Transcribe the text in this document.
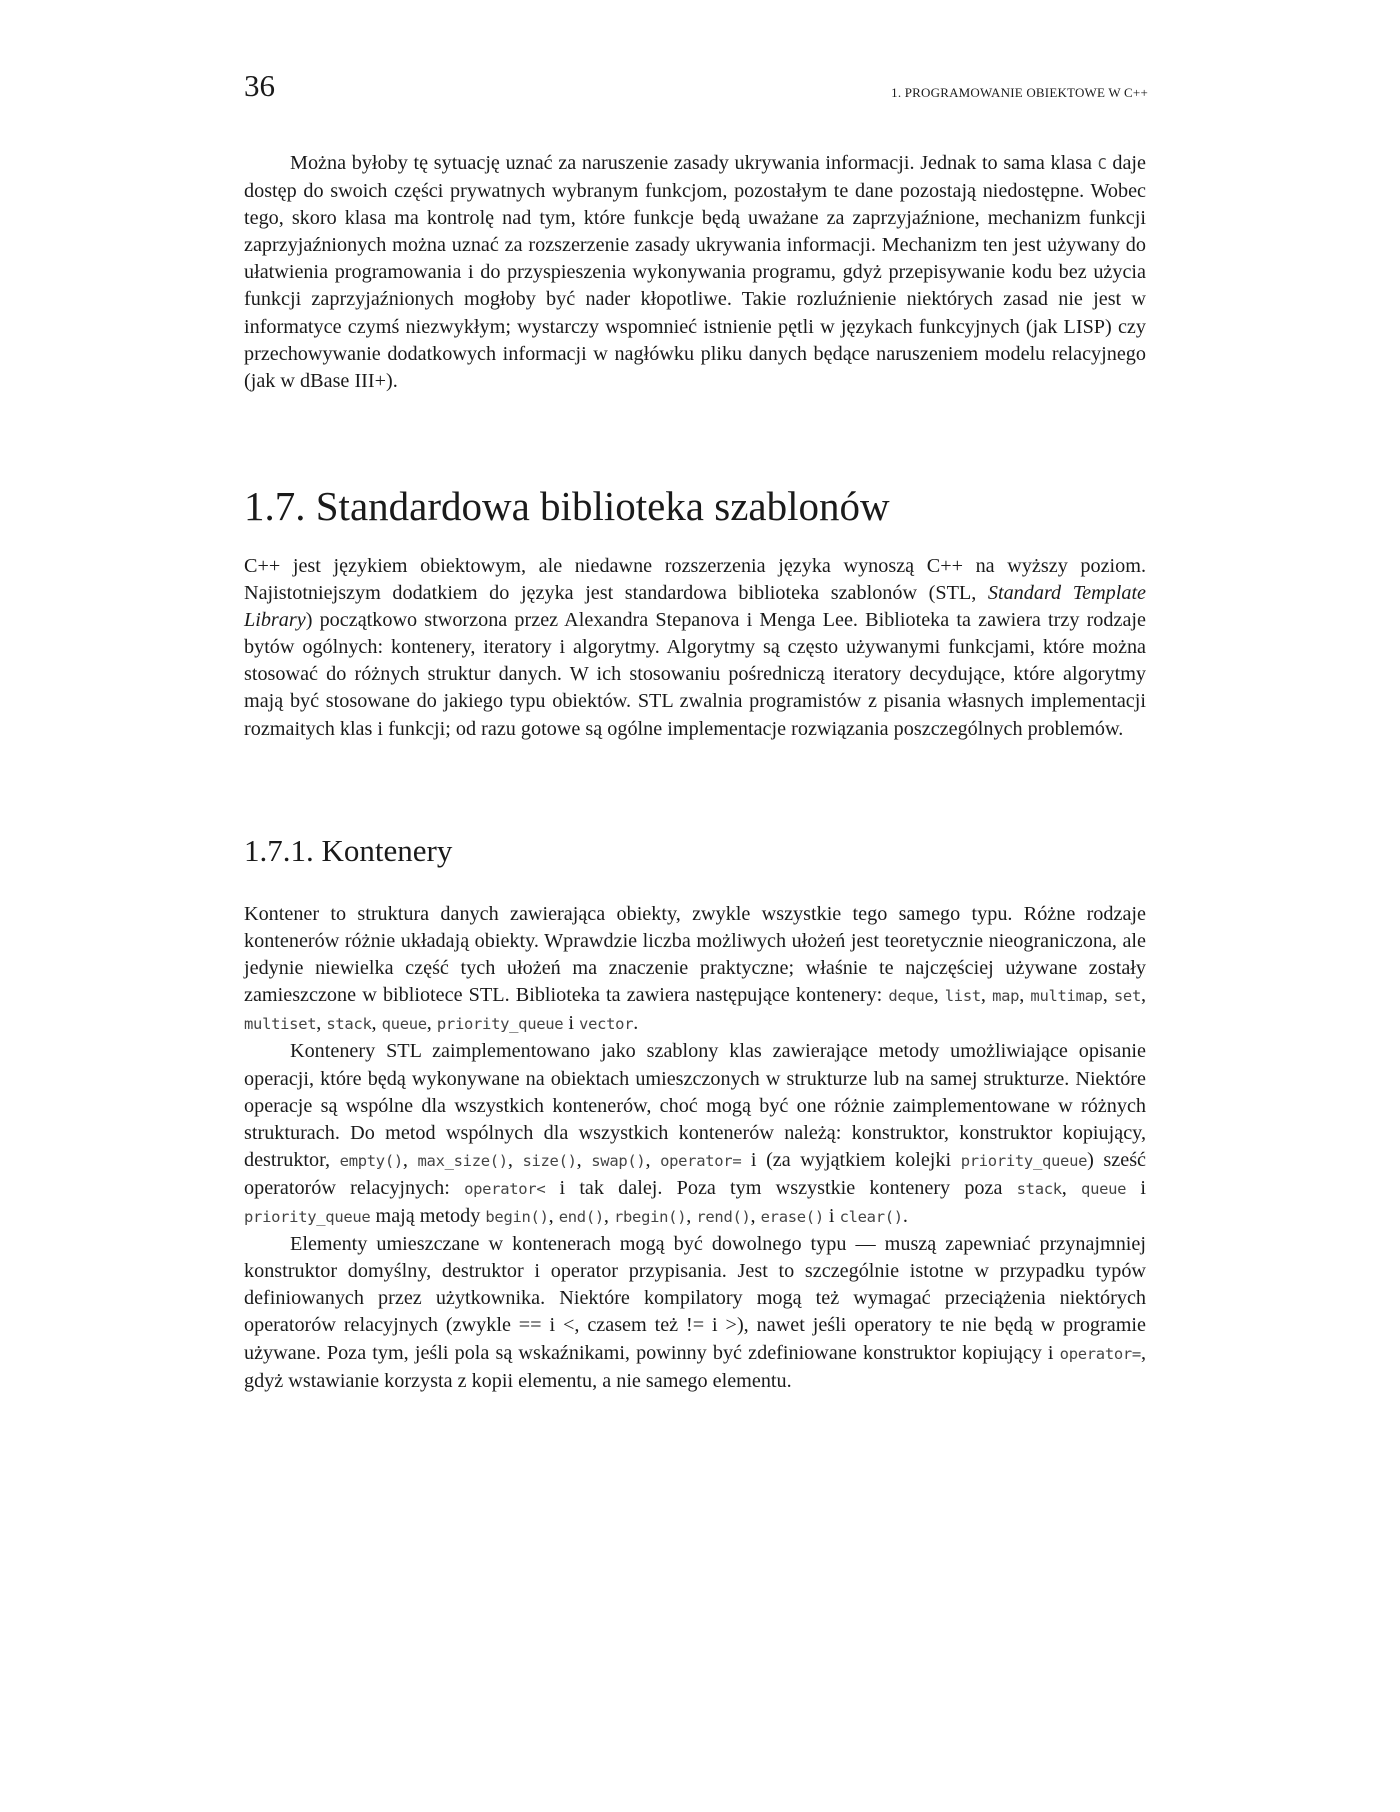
36	1. PROGRAMOWANIE OBIEKTOWE W C++

Można byłoby tę sytuację uznać za naruszenie zasady ukrywania informacji. Jednak to sama klasa C daje dostęp do swoich części prywatnych wybranym funkcjom, pozostałym te dane pozostają niedostępne. Wobec tego, skoro klasa ma kontrolę nad tym, które funkcje będą uważane za zaprzyjaźnione, mechanizm funkcji zaprzyjaźnionych można uznać za rozszerzenie zasady ukrywania informacji. Mechanizm ten jest używany do ułatwienia programowania i do przyspieszenia wykonywania programu, gdyż przepisywanie kodu bez użycia funkcji zaprzyjaźnionych mogłoby być nader kłopotliwe. Takie rozluźnienie niektórych zasad nie jest w informatyce czymś niezwykłym; wystarczy wspomnieć istnienie pętli w językach funkcyjnych (jak LISP) czy przechowywanie dodatkowych informacji w nagłówku pliku danych będące naruszeniem modelu relacyjnego (jak w dBase III+).

1.7. Standardowa biblioteka szablonów

C++ jest językiem obiektowym, ale niedawne rozszerzenia języka wynoszą C++ na wyższy poziom. Najistotniejszym dodatkiem do języka jest standardowa biblioteka szablonów (STL, Standard Template Library) początkowo stworzona przez Alexandra Stepanova i Menga Lee. Biblioteka ta zawiera trzy rodzaje bytów ogólnych: kontenery, iteratory i algorytmy. Algorytmy są często używanymi funkcjami, które można stosować do różnych struktur danych. W ich stosowaniu pośredniczą iteratory decydujące, które algorytmy mają być stosowane do jakiego typu obiektów. STL zwalnia programistów z pisania własnych implementacji rozmaitych klas i funkcji; od razu gotowe są ogólne implementacje rozwiązania poszczególnych problemów.

1.7.1. Kontenery

Kontener to struktura danych zawierająca obiekty, zwykle wszystkie tego samego typu. Różne rodzaje kontenerów różnie układają obiekty. Wprawdzie liczba możliwych ułożeń jest teoretycznie nieograniczona, ale jedynie niewielka część tych ułożeń ma znaczenie praktyczne; właśnie te najczęściej używane zostały zamieszczone w bibliotece STL. Biblioteka ta zawiera następujące kontenery: deque, list, map, multimap, set, multiset, stack, queue, priority_queue i vector.

Kontenery STL zaimplementowano jako szablony klas zawierające metody umożliwiające opisanie operacji, które będą wykonywane na obiektach umieszczonych w strukturze lub na samej strukturze. Niektóre operacje są wspólne dla wszystkich kontenerów, choć mogą być one różnie zaimplementowane w różnych strukturach. Do metod wspólnych dla wszystkich kontenerów należą: konstruktor, konstruktor kopiujący, destruktor, empty(), max_size(), size(), swap(), operator= i (za wyjątkiem kolejki priority_queue) sześć operatorów relacyjnych: operator< i tak dalej. Poza tym wszystkie kontenery poza stack, queue i priority_queue mają metody begin(), end(), rbegin(), rend(), erase() i clear().

Elementy umieszczane w kontenerach mogą być dowolnego typu — muszą zapewniać przynajmniej konstruktor domyślny, destruktor i operator przypisania. Jest to szczególnie istotne w przypadku typów definiowanych przez użytkownika. Niektóre kompilatory mogą też wymagać przeciążenia niektórych operatorów relacyjnych (zwykle == i <, czasem też != i >), nawet jeśli operatory te nie będą w programie używane. Poza tym, jeśli pola są wskaźnikami, powinny być zdefiniowane konstruktor kopiujący i operator=, gdyż wstawianie korzysta z kopii elementu, a nie samego elementu.
